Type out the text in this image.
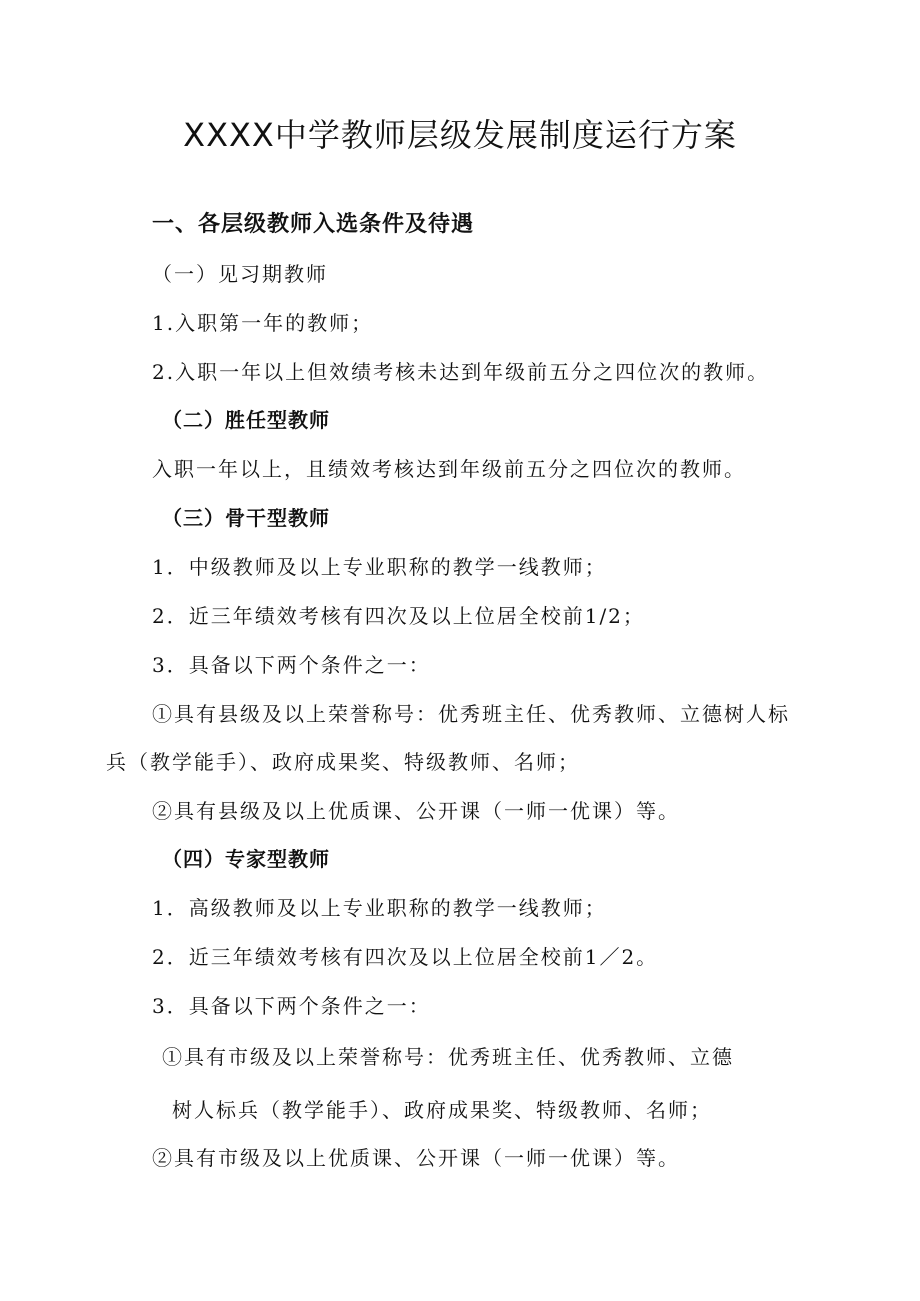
XXXX中学教师层级发展制度运行方案
一、各层级教师入选条件及待遇
（一）见习期教师
1.入职第一年的教师；
2.入职一年以上但效绩考核未达到年级前五分之四位次的教师。
（二）胜任型教师
入职一年以上，且绩效考核达到年级前五分之四位次的教师。
（三）骨干型教师
1．中级教师及以上专业职称的教学一线教师；
2．近三年绩效考核有四次及以上位居全校前1/2；
3．具备以下两个条件之一：
①具有县级及以上荣誉称号：优秀班主任、优秀教师、立德树人标
兵（教学能手）、政府成果奖、特级教师、名师；
②具有县级及以上优质课、公开课（一师一优课）等。
（四）专家型教师
1．高级教师及以上专业职称的教学一线教师；
2．近三年绩效考核有四次及以上位居全校前1／2。
3．具备以下两个条件之一：
①具有市级及以上荣誉称号：优秀班主任、优秀教师、立德
树人标兵（教学能手）、政府成果奖、特级教师、名师；
②具有市级及以上优质课、公开课（一师一优课）等。
